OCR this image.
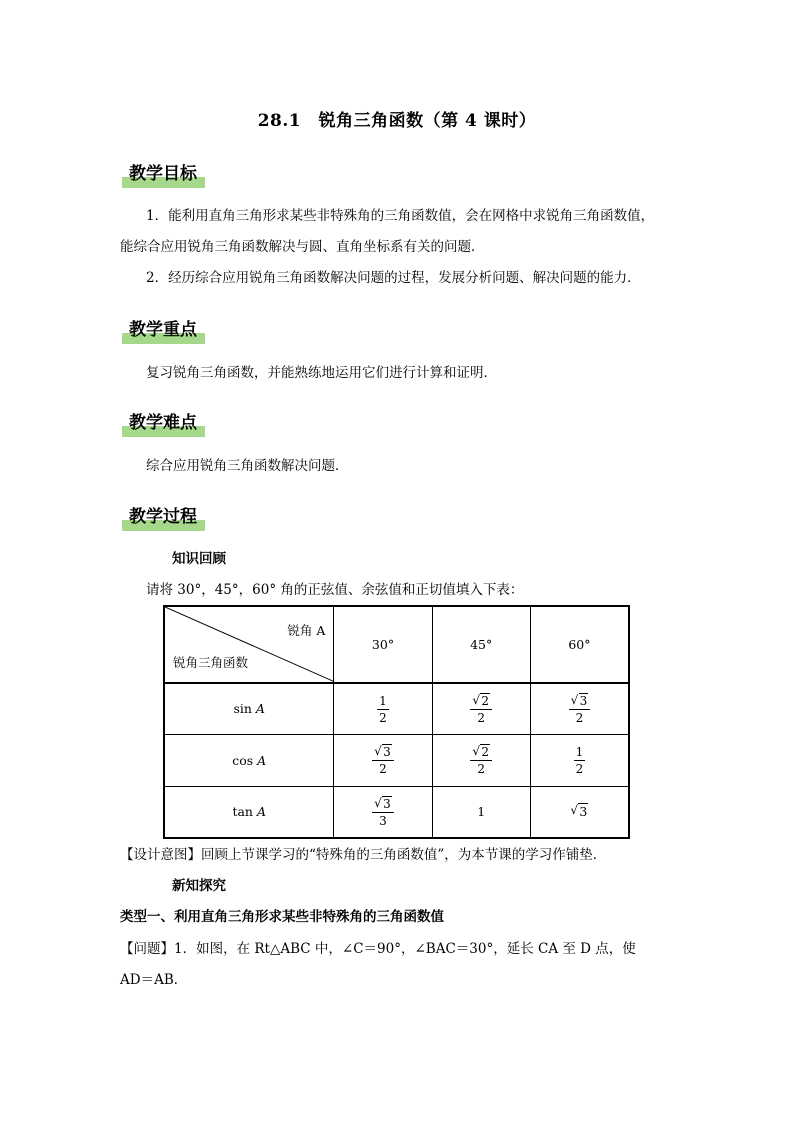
28.1　锐角三角函数（第 4 课时）
教学目标
1．能利用直角三角形求某些非特殊角的三角函数值，会在网格中求锐角三角函数值，
能综合应用锐角三角函数解决与圆、直角坐标系有关的问题．
2．经历综合应用锐角三角函数解决问题的过程，发展分析问题、解决问题的能力．
教学重点
复习锐角三角函数，并能熟练地运用它们进行计算和证明．
教学难点
综合应用锐角三角函数解决问题．
教学过程
知识回顾
请将 30°，45°，60° 角的正弦值、余弦值和正切值填入下表：
锐角 A
锐角三角函数	30°	45°	60°
sin A	$\frac{1}{2}$	√ $\frac{2}{2}$	√ $\frac{3}{2}$

cos A	√ $\frac{3}{2}$	√ $\frac{2}{2}$	$\frac{1}{2}$

tan A	√ $\frac{3}{3}$	1	√ 3
【设计意图】回顾上节课学习的“特殊角的三角函数值”，为本节课的学习作铺垫．
新知探究
类型一、利用直角三角形求某些非特殊角的三角函数值
【问题】1．如图，在 Rt△ABC 中，∠C＝90°，∠BAC＝30°，延长 CA 至 D 点，使
AD＝AB．
